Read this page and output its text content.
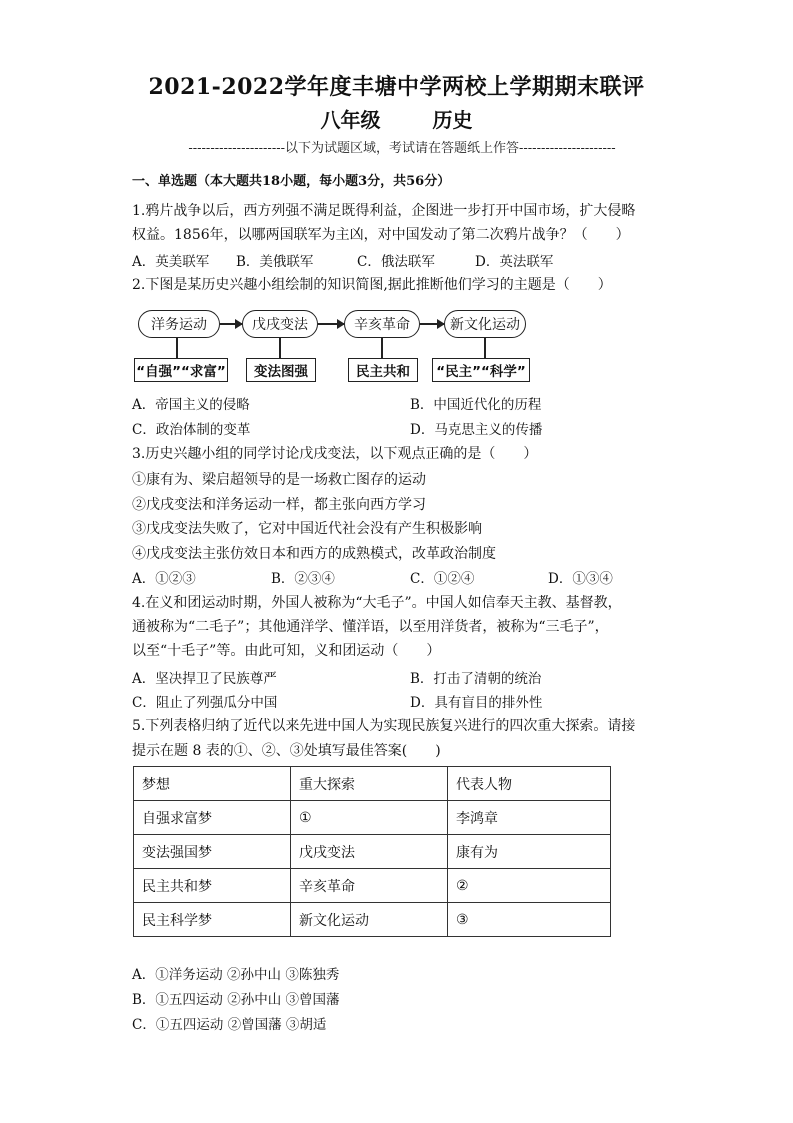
2021-2022学年度丰塘中学两校上学期期末联评
八年级	历史
----------------------以下为试题区域，考试请在答题纸上作答----------------------
一、单选题（本大题共18小题，每小题3分，共56分）
1.鸦片战争以后，西方列强不满足既得利益，企图进一步打开中国市场，扩大侵略
权益。1856年，以哪两国联军为主凶，对中国发动了第二次鸦片战争？（　　）
A．英美联军 B．美俄联军	C．俄法联军	D．英法联军
2.下图是某历史兴趣小组绘制的知识简图,据此推断他们学习的主题是（　　）
洋务运动	戊戌变法	辛亥革命	新文化运动
“自强”“求富”	变法图强	民主共和	“民主”“科学”
A．帝国主义的侵略	B．中国近代化的历程
C．政治体制的变革	D．马克思主义的传播
3.历史兴趣小组的同学讨论戊戌变法，以下观点正确的是（　　）
①康有为、梁启超领导的是一场救亡图存的运动
②戊戌变法和洋务运动一样，都主张向西方学习
③戊戌变法失败了，它对中国近代社会没有产生积极影响
④戊戌变法主张仿效日本和西方的成熟模式，改革政治制度
A．①②③	B．②③④	C．①②④	D．①③④
4.在义和团运动时期，外国人被称为“大毛子”。中国人如信奉天主教、基督教，
通被称为“二毛子”；其他通洋学、懂洋语，以至用洋货者，被称为“三毛子”，
以至“十毛子”等。由此可知，义和团运动（　　）
A．坚决捍卫了民族尊严	B．打击了清朝的统治
C．阻止了列强瓜分中国	D．具有盲目的排外性
5.下列表格归纳了近代以来先进中国人为实现民族复兴进行的四次重大探索。请接
提示在题 8 表的①、②、③处填写最佳答案(　　)
梦想	重大探索	代表人物
自强求富梦	①	李鸿章
变法强国梦	戊戌变法	康有为
民主共和梦	辛亥革命	②
民主科学梦	新文化运动	③
A．①洋务运动 ②孙中山 ③陈独秀
B．①五四运动 ②孙中山 ③曾国藩
C．①五四运动 ②曾国藩 ③胡适
